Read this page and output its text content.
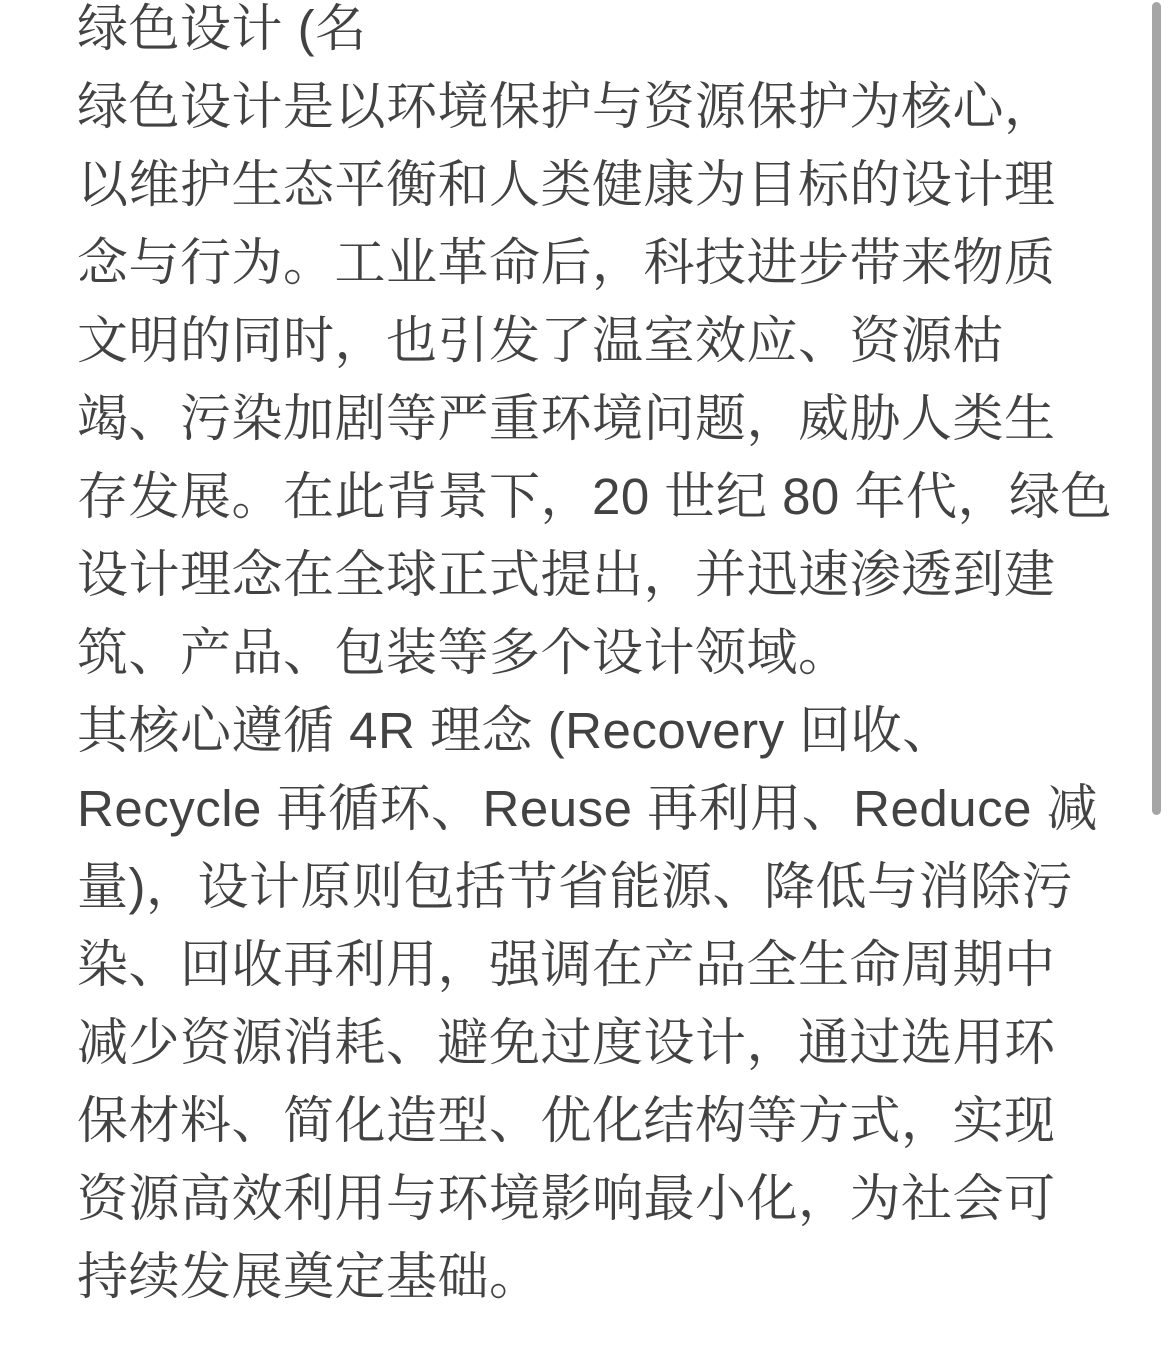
绿色设计 (名
绿色设计是以环境保护与资源保护为核心，
以维护生态平衡和人类健康为目标的设计理
念与行为。工业革命后，科技进步带来物质
文明的同时，也引发了温室效应、资源枯
竭、污染加剧等严重环境问题，威胁人类生
存发展。在此背景下，20 世纪 80 年代，绿色
设计理念在全球正式提出，并迅速渗透到建
筑、产品、包装等多个设计领域。
其核心遵循 4R 理念 (Recovery 回收、
Recycle 再循环、Reuse 再利用、Reduce 减
量)，设计原则包括节省能源、降低与消除污
染、回收再利用，强调在产品全生命周期中
减少资源消耗、避免过度设计，通过选用环
保材料、简化造型、优化结构等方式，实现
资源高效利用与环境影响最小化，为社会可
持续发展奠定基础。
